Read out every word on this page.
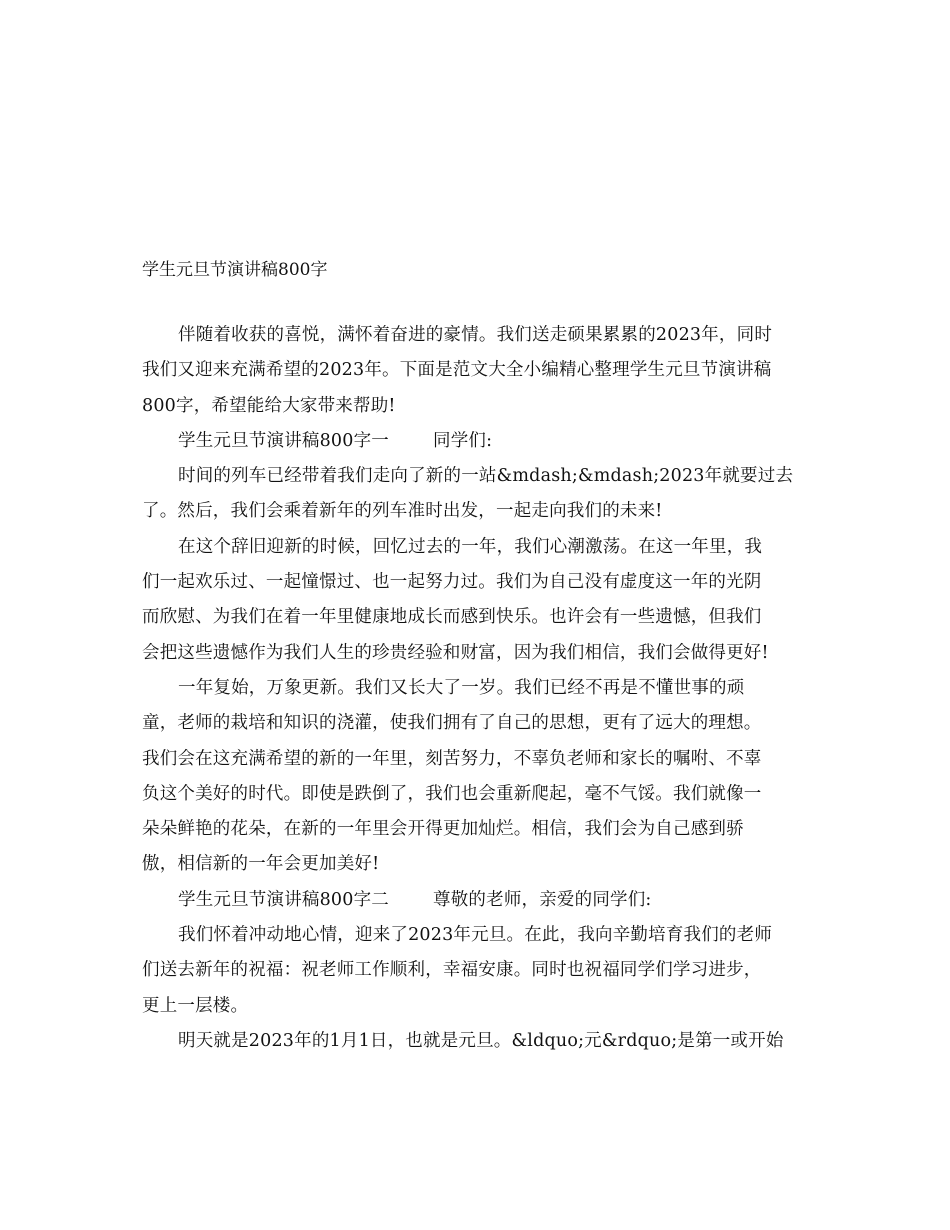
学生元旦节演讲稿800字
伴随着收获的喜悦，满怀着奋进的豪情。我们送走硕果累累的2023年，同时
我们又迎来充满希望的2023年。下面是范文大全小编精心整理学生元旦节演讲稿
800字，希望能给大家带来帮助!
学生元旦节演讲稿800字一	同学们:
时间的列车已经带着我们走向了新的一站&mdash;&mdash;2023年就要过去
了。然后，我们会乘着新年的列车准时出发，一起走向我们的未来!
在这个辞旧迎新的时候，回忆过去的一年，我们心潮激荡。在这一年里，我
们一起欢乐过、一起憧憬过、也一起努力过。我们为自己没有虚度这一年的光阴
而欣慰、为我们在着一年里健康地成长而感到快乐。也许会有一些遗憾，但我们
会把这些遗憾作为我们人生的珍贵经验和财富，因为我们相信，我们会做得更好!
一年复始，万象更新。我们又长大了一岁。我们已经不再是不懂世事的顽
童，老师的栽培和知识的浇灌，使我们拥有了自己的思想，更有了远大的理想。
我们会在这充满希望的新的一年里，刻苦努力，不辜负老师和家长的嘱咐、不辜
负这个美好的时代。即使是跌倒了，我们也会重新爬起，毫不气馁。我们就像一
朵朵鲜艳的花朵，在新的一年里会开得更加灿烂。相信，我们会为自己感到骄
傲，相信新的一年会更加美好!
学生元旦节演讲稿800字二	尊敬的老师，亲爱的同学们:
我们怀着冲动地心情，迎来了2023年元旦。在此，我向辛勤培育我们的老师
们送去新年的祝福：祝老师工作顺利，幸福安康。同时也祝福同学们学习进步，
更上一层楼。
明天就是2023年的1月1日，也就是元旦。&ldquo;元&rdquo;是第一或开始
